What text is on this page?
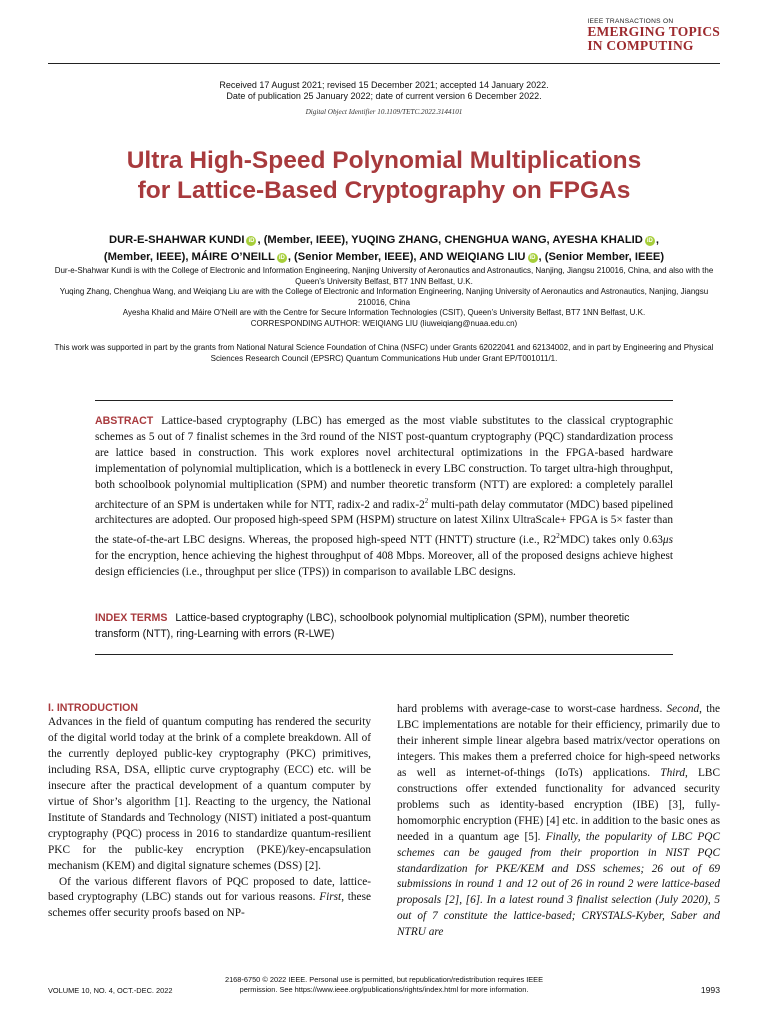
IEEE TRANSACTIONS ON
EMERGING TOPICS
IN COMPUTING
Received 17 August 2021; revised 15 December 2021; accepted 14 January 2022.
Date of publication 25 January 2022; date of current version 6 December 2022.
Digital Object Identifier 10.1109/TETC.2022.3144101
Ultra High-Speed Polynomial Multiplications
for Lattice-Based Cryptography on FPGAs
DUR-E-SHAHWAR KUNDI iD , (Member, IEEE), YUQING ZHANG, CHENGHUA WANG, AYESHA KHALID iD ,
(Member, IEEE), MÁIRE O’NEILL iD , (Senior Member, IEEE), AND WEIQIANG LIU iD , (Senior Member, IEEE)

Dur-e-Shahwar Kundi is with the College of Electronic and Information Engineering, Nanjing University of Aeronautics and Astronautics, Nanjing, Jiangsu 210016, China, and also with the Queen’s University Belfast, BT7 1NN Belfast, U.K.

Yuqing Zhang, Chenghua Wang, and Weiqiang Liu are with the College of Electronic and Information Engineering, Nanjing University of Aeronautics and Astronautics, Nanjing, Jiangsu 210016, China

Ayesha Khalid and Máire O’Neill are with the Centre for Secure Information Technologies (CSIT), Queen’s University Belfast, BT7 1NN Belfast, U.K.

CORRESPONDING AUTHOR: WEIQIANG LIU (liuweiqiang@nuaa.edu.cn)

This work was supported in part by the grants from National Natural Science Foundation of China (NSFC) under Grants 62022041 and 62134002, and in part by Engineering and Physical Sciences Research Council (EPSRC) Quantum Communications Hub under Grant EP/T001011/1.
ABSTRACT Lattice-based cryptography (LBC) has emerged as the most viable substitutes to the classical cryptographic schemes as 5 out of 7 finalist schemes in the 3rd round of the NIST post-quantum cryptography (PQC) standardization process are lattice based in construction. This work explores novel architectural optimizations in the FPGA-based hardware implementation of polynomial multiplication, which is a bottleneck in every LBC construction. To target ultra-high throughput, both schoolbook polynomial multiplication (SPM) and number theoretic transform (NTT) are explored: a completely parallel architecture of an SPM is undertaken while for NTT, radix-2 and radix-$2^2$ multi-path delay commutator (MDC) based pipelined architectures are adopted. Our proposed high-speed SPM (HSPM) structure on latest Xilinx UltraScale+ FPGA is 5× faster than the state-of-the-art LBC designs. Whereas, the proposed high-speed NTT (HNTT) structure (i.e., $R2^2MDC$) takes only 0.63μs for the encryption, hence achieving the highest throughput of 408 Mbps. Moreover, all of the proposed designs achieve highest design efficiencies (i.e., throughput per slice (TPS)) in comparison to available LBC designs.
INDEX TERMS Lattice-based cryptography (LBC), schoolbook polynomial multiplication (SPM), number theoretic transform (NTT), ring-Learning with errors (R-LWE)
I. INTRODUCTION

Advances in the field of quantum computing has rendered the security of the digital world today at the brink of a complete breakdown. All of the currently deployed public-key cryptography (PKC) primitives, including RSA, DSA, elliptic curve cryptography (ECC) etc. will be insecure after the practical development of a quantum computer by virtue of Shor’s algorithm [1]. Reacting to the urgency, the National Institute of Standards and Technology (NIST) initiated a post-quantum cryptography (PQC) process in 2016 to standardize quantum-resilient PKC for the public-key encryption (PKE)/key-encapsulation mechanism (KEM) and digital signature schemes (DSS) [2].

Of the various different flavors of PQC proposed to date, lattice-based cryptography (LBC) stands out for various reasons. First, these schemes offer security proofs based on NP-

hard problems with average-case to worst-case hardness. Second, the LBC implementations are notable for their efficiency, primarily due to their inherent simple linear algebra based matrix/vector operations on integers. This makes them a preferred choice for high-speed networks as well as internet-of-things (IoTs) applications. Third, LBC constructions offer extended functionality for advanced security problems such as identity-based encryption (IBE) [3], fully-homomorphic encryption (FHE) [4] etc. in addition to the basic ones as needed in a quantum age [5]. Finally, the popularity of LBC PQC schemes can be gauged from their proportion in NIST PQC standardization for PKE/KEM and DSS schemes; 26 out of 69 submissions in round 1 and 12 out of 26 in round 2 were lattice-based proposals [2], [6]. In a latest round 3 finalist selection (July 2020), 5 out of 7 constitute the lattice-based; CRYSTALS-Kyber, Saber and NTRU are

VOLUME 10, NO. 4, OCT.-DEC. 2022
2168-6750 © 2022 IEEE. Personal use is permitted, but republication/redistribution requires IEEE
permission. See https://www.ieee.org/publications/rights/index.html for more information.	1993
